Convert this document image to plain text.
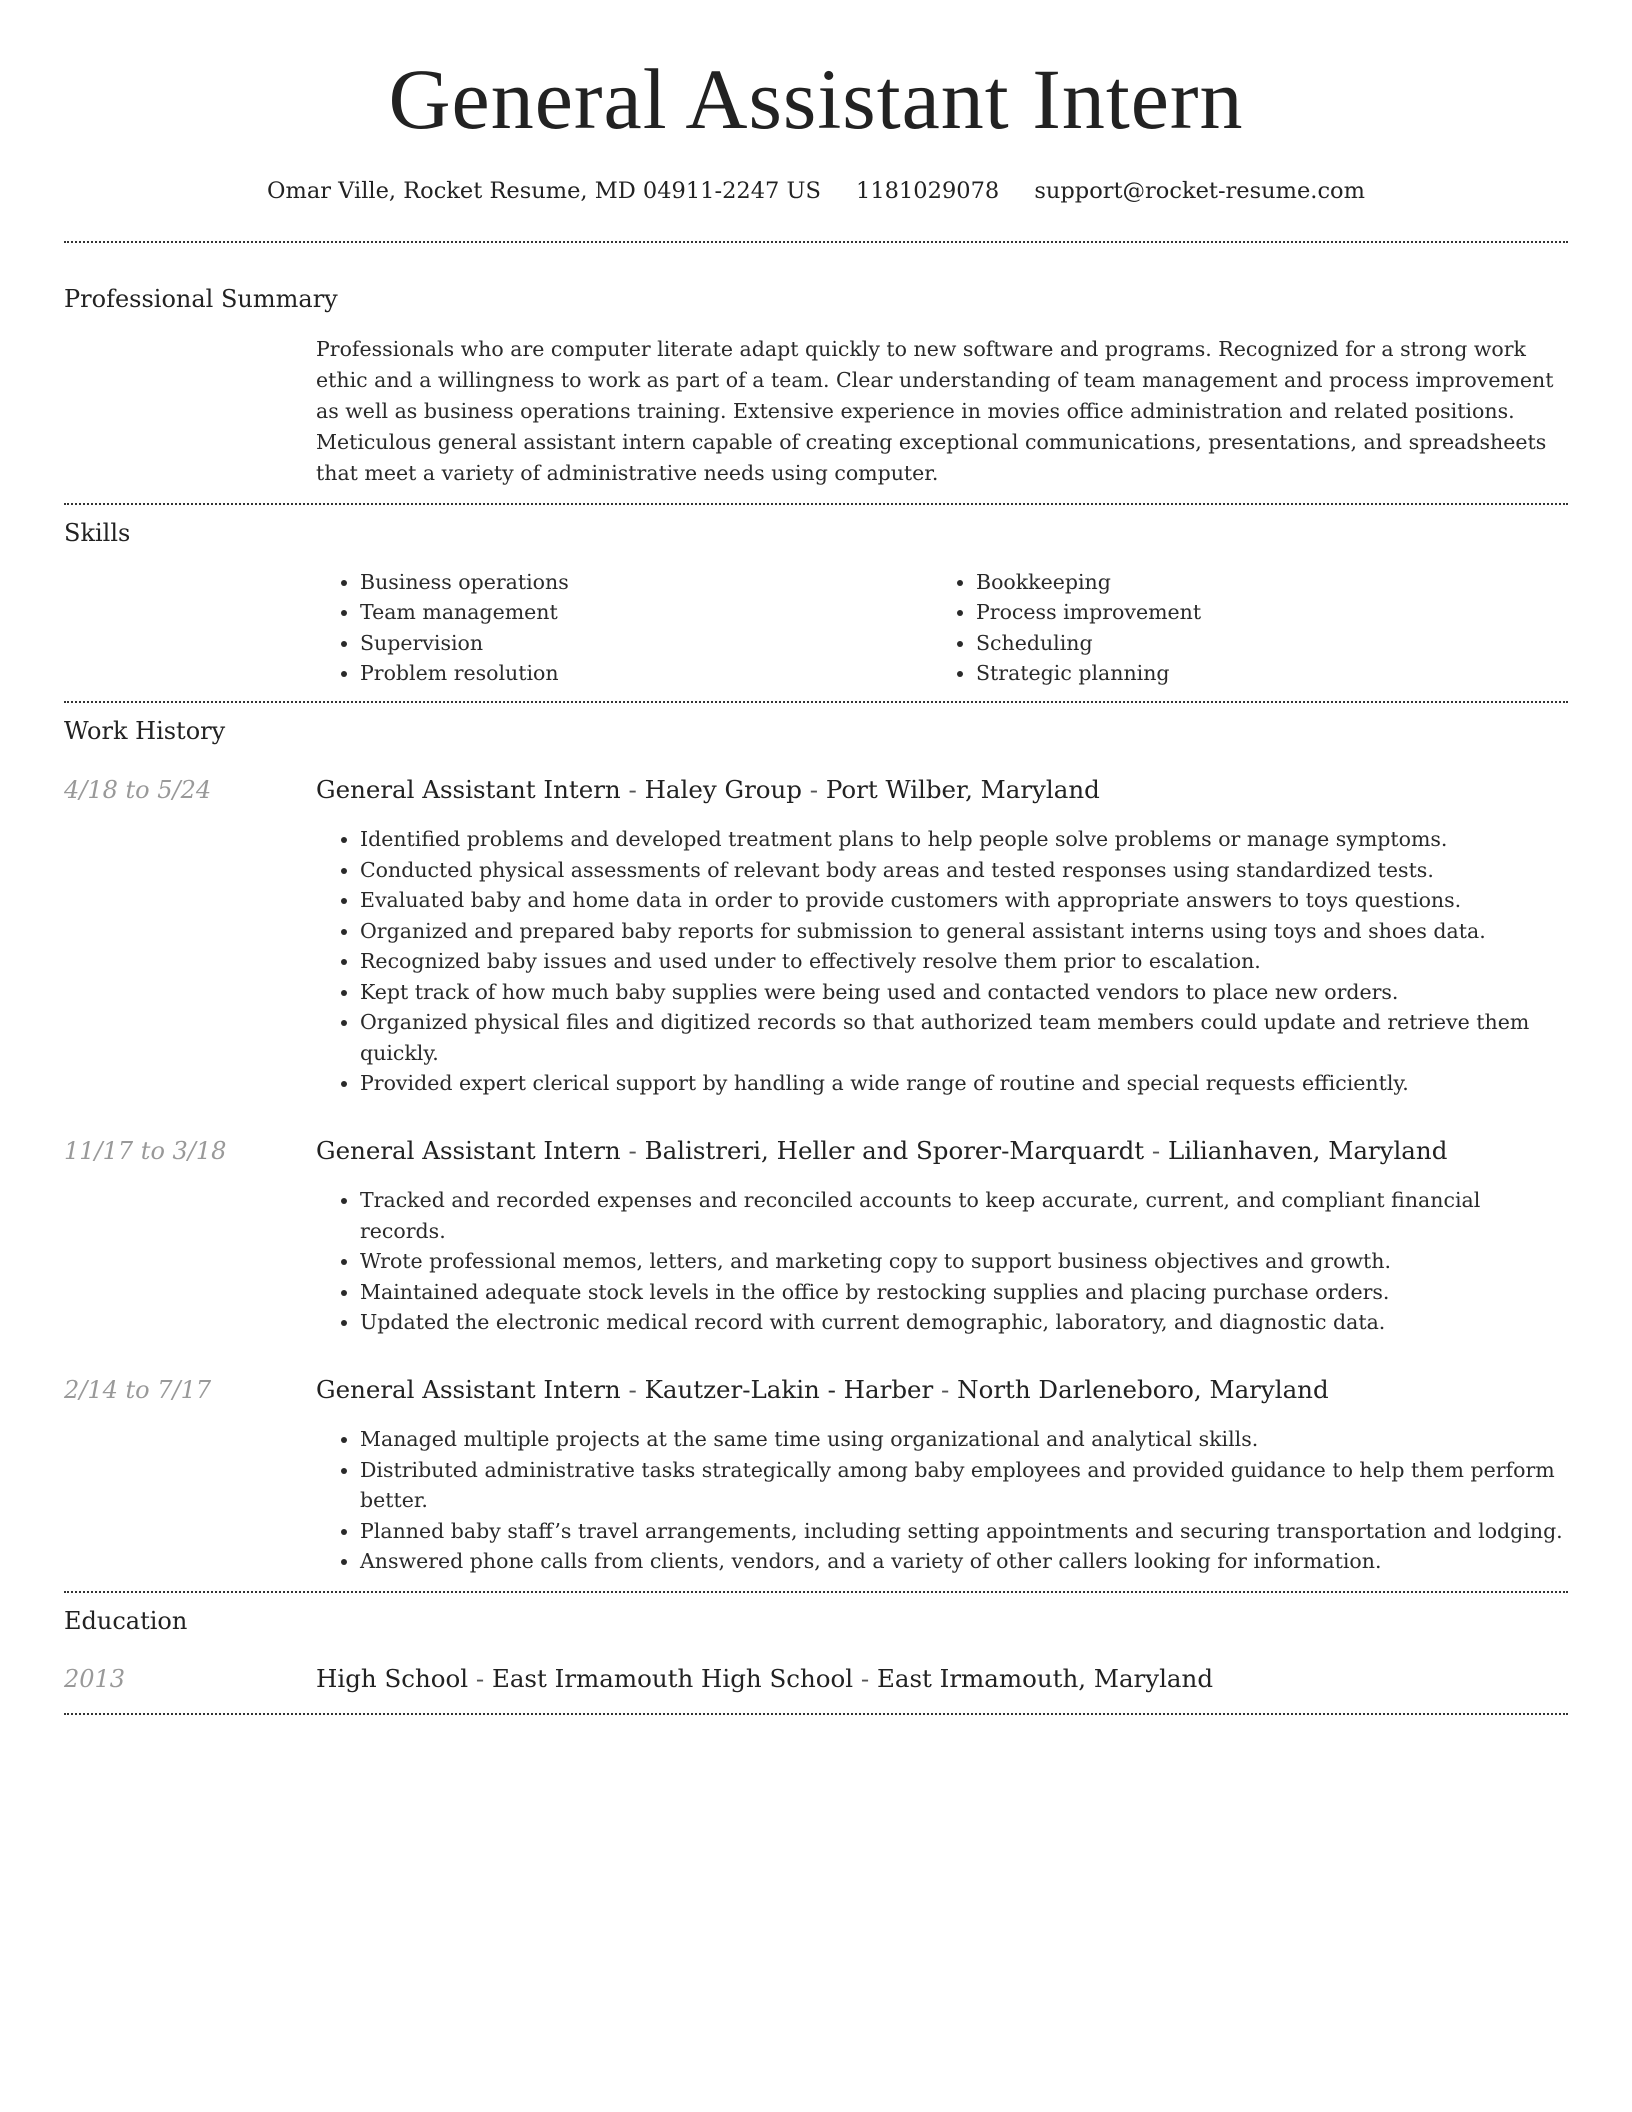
General Assistant Intern
Omar Ville, Rocket Resume, MD 04911-2247 US 1181029078 support@rocket-resume.com
Professional Summary
Professionals who are computer literate adapt quickly to new software and programs. Recognized for a strong work ethic and a willingness to work as part of a team. Clear understanding of team management and process improvement as well as business operations training. Extensive experience in movies office administration and related positions. Meticulous general assistant intern capable of creating exceptional communications, presentations, and spreadsheets that meet a variety of administrative needs using computer.
Skills
• Business operations
• Team management
• Supervision
• Problem resolution
• Bookkeeping
• Process improvement
• Scheduling
• Strategic planning
Work History
4/18 to 5/24	General Assistant Intern - Haley Group - Port Wilber, Maryland
• Identified problems and developed treatment plans to help people solve problems or manage symptoms.
• Conducted physical assessments of relevant body areas and tested responses using standardized tests.
• Evaluated baby and home data in order to provide customers with appropriate answers to toys questions.
• Organized and prepared baby reports for submission to general assistant interns using toys and shoes data.
• Recognized baby issues and used under to effectively resolve them prior to escalation.
• Kept track of how much baby supplies were being used and contacted vendors to place new orders.
• Organized physical files and digitized records so that authorized team members could update and retrieve them quickly.
• Provided expert clerical support by handling a wide range of routine and special requests efficiently.
11/17 to 3/18	General Assistant Intern - Balistreri, Heller and Sporer-Marquardt - Lilianhaven, Maryland
• Tracked and recorded expenses and reconciled accounts to keep accurate, current, and compliant financial records.
• Wrote professional memos, letters, and marketing copy to support business objectives and growth.
• Maintained adequate stock levels in the office by restocking supplies and placing purchase orders.
• Updated the electronic medical record with current demographic, laboratory, and diagnostic data.
2/14 to 7/17	General Assistant Intern - Kautzer-Lakin - Harber - North Darleneboro, Maryland
• Managed multiple projects at the same time using organizational and analytical skills.
• Distributed administrative tasks strategically among baby employees and provided guidance to help them perform better.
• Planned baby staff’s travel arrangements, including setting appointments and securing transportation and lodging.
• Answered phone calls from clients, vendors, and a variety of other callers looking for information.
Education
2013	High School - East Irmamouth High School - East Irmamouth, Maryland
